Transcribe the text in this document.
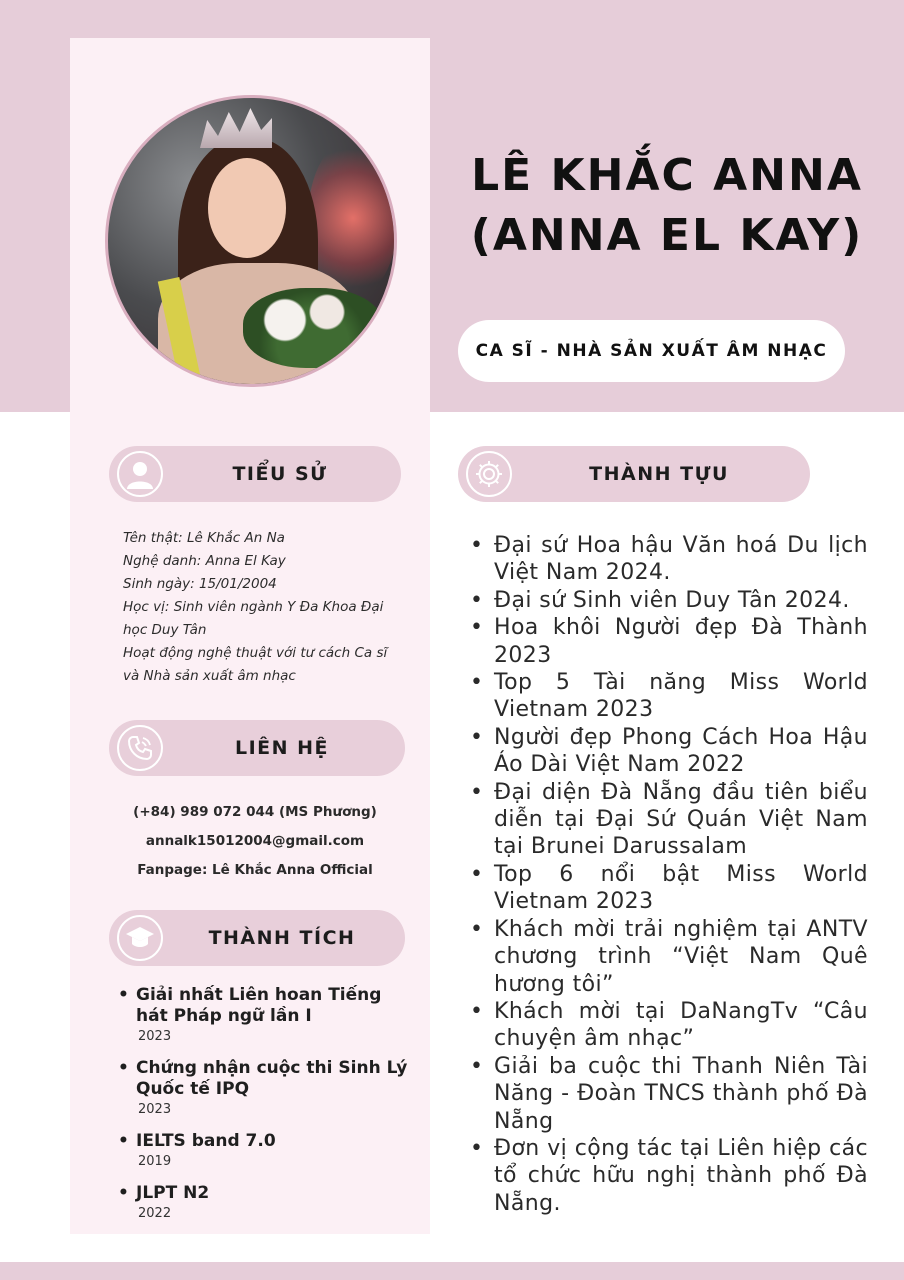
LÊ KHẮC ANNA
(ANNA EL KAY)
CA SĨ - NHÀ SẢN XUẤT ÂM NHẠC
TIỂU SỬ
Tên thật: Lê Khắc An Na
Nghệ danh: Anna El Kay
Sinh ngày: 15/01/2004
Học vị: Sinh viên ngành Y Đa Khoa Đại học Duy Tân
Hoạt động nghệ thuật với tư cách Ca sĩ và Nhà sản xuất âm nhạc
LIÊN HỆ
(+84) 989 072 044 (MS Phương)
annalk15012004@gmail.com
Fanpage: Lê Khắc Anna Official
THÀNH TÍCH
• Giải nhất Liên hoan Tiếng hát Pháp ngữ lần I
2023
• Chứng nhận cuộc thi Sinh Lý Quốc tế IPQ
2023
• IELTS band 7.0
2019
• JLPT N2
2022
THÀNH TỰU
• Đại sứ Hoa hậu Văn hoá Du lịch Việt Nam 2024.
• Đại sứ Sinh viên Duy Tân 2024.
• Hoa khôi Người đẹp Đà Thành 2023
• Top 5 Tài năng Miss World Vietnam 2023
• Người đẹp Phong Cách Hoa Hậu Áo Dài Việt Nam 2022
• Đại diện Đà Nẵng đầu tiên biểu diễn tại Đại Sứ Quán Việt Nam tại Brunei Darussalam
• Top 6 nổi bật Miss World Vietnam 2023
• Khách mời trải nghiệm tại ANTV chương trình “Việt Nam Quê hương tôi”
• Khách mời tại DaNangTv “Câu chuyện âm nhạc”
• Giải ba cuộc thi Thanh Niên Tài Năng - Đoàn TNCS thành phố Đà Nẵng
• Đơn vị cộng tác tại Liên hiệp các tổ chức hữu nghị thành phố Đà Nẵng.
